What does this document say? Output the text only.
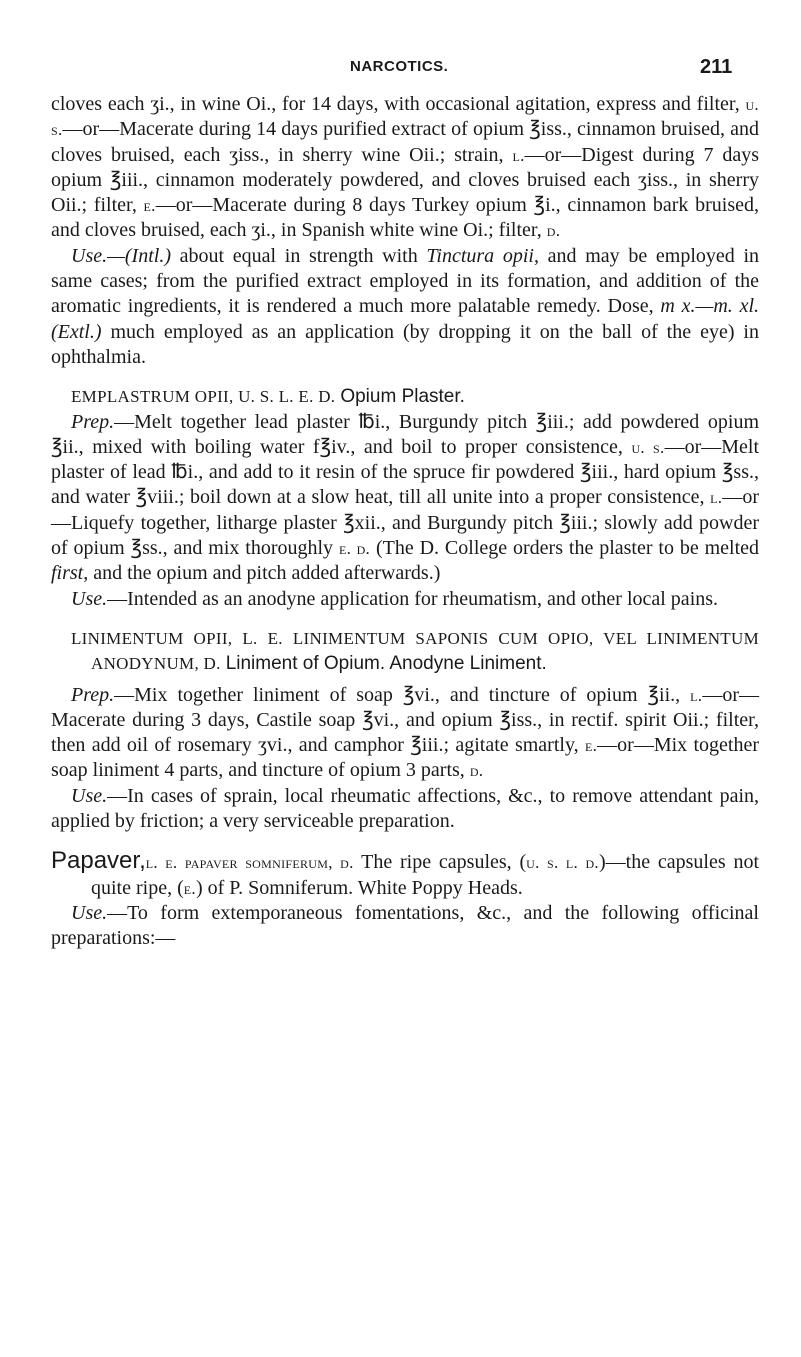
NARCOTICS.	211

cloves each ʒi., in wine Oi., for 14 days, with occasional agitation, express and filter, u. s.—or—Macerate during 14 days purified extract of opium ℥iss., cinnamon bruised, and cloves bruised, each ʒiss., in sherry wine Oii.; strain, l.—or—Digest during 7 days opium ℥iii., cinnamon moderately powdered, and cloves bruised each ʒiss., in sherry Oii.; filter, e.—or—Macerate during 8 days Turkey opium ℥i., cinnamon bark bruised, and cloves bruised, each ʒi., in Spanish white wine Oi.; filter, d.

Use.—(Intl.) about equal in strength with Tinctura opii, and may be employed in same cases; from the purified extract employed in its formation, and addition of the aromatic ingredients, it is rendered a much more palatable remedy. Dose, m x.—m. xl. (Extl.) much employed as an application (by dropping it on the ball of the eye) in ophthalmia.

EMPLASTRUM OPII, U. S. L. E. D. Opium Plaster.

Prep.—Melt together lead plaster ℔i., Burgundy pitch ℥iii.; add powdered opium ℥ii., mixed with boiling water f℥iv., and boil to proper consistence, u. s.—or—Melt plaster of lead ℔i., and add to it resin of the spruce fir powdered ℥iii., hard opium ℥ss., and water ℥viii.; boil down at a slow heat, till all unite into a proper consistence, l.—or—Liquefy together, litharge plaster ℥xii., and Burgundy pitch ℥iii.; slowly add powder of opium ℥ss., and mix thoroughly e. d. (The D. College orders the plaster to be melted first, and the opium and pitch added afterwards.)

Use.—Intended as an anodyne application for rheumatism, and other local pains.

LINIMENTUM OPII, L. E. LINIMENTUM SAPONIS CUM OPIO, VEL LINIMENTUM ANODYNUM, D. Liniment of Opium. Anodyne Liniment.

Prep.—Mix together liniment of soap ℥vi., and tincture of opium ℥ii., l.—or—Macerate during 3 days, Castile soap ℥vi., and opium ℥iss., in rectif. spirit Oii.; filter, then add oil of rosemary ʒvi., and camphor ℥iii.; agitate smartly, e.—or—Mix together soap liniment 4 parts, and tincture of opium 3 parts, d.

Use.—In cases of sprain, local rheumatic affections, &c., to remove attendant pain, applied by friction; a very serviceable preparation.

Papaver,l. e. papaver somniferum, d. The ripe capsules, (u. s. l. d.)—the capsules not quite ripe, (e.) of P. Somniferum. White Poppy Heads.

Use.—To form extemporaneous fomentations, &c., and the following officinal preparations:—
